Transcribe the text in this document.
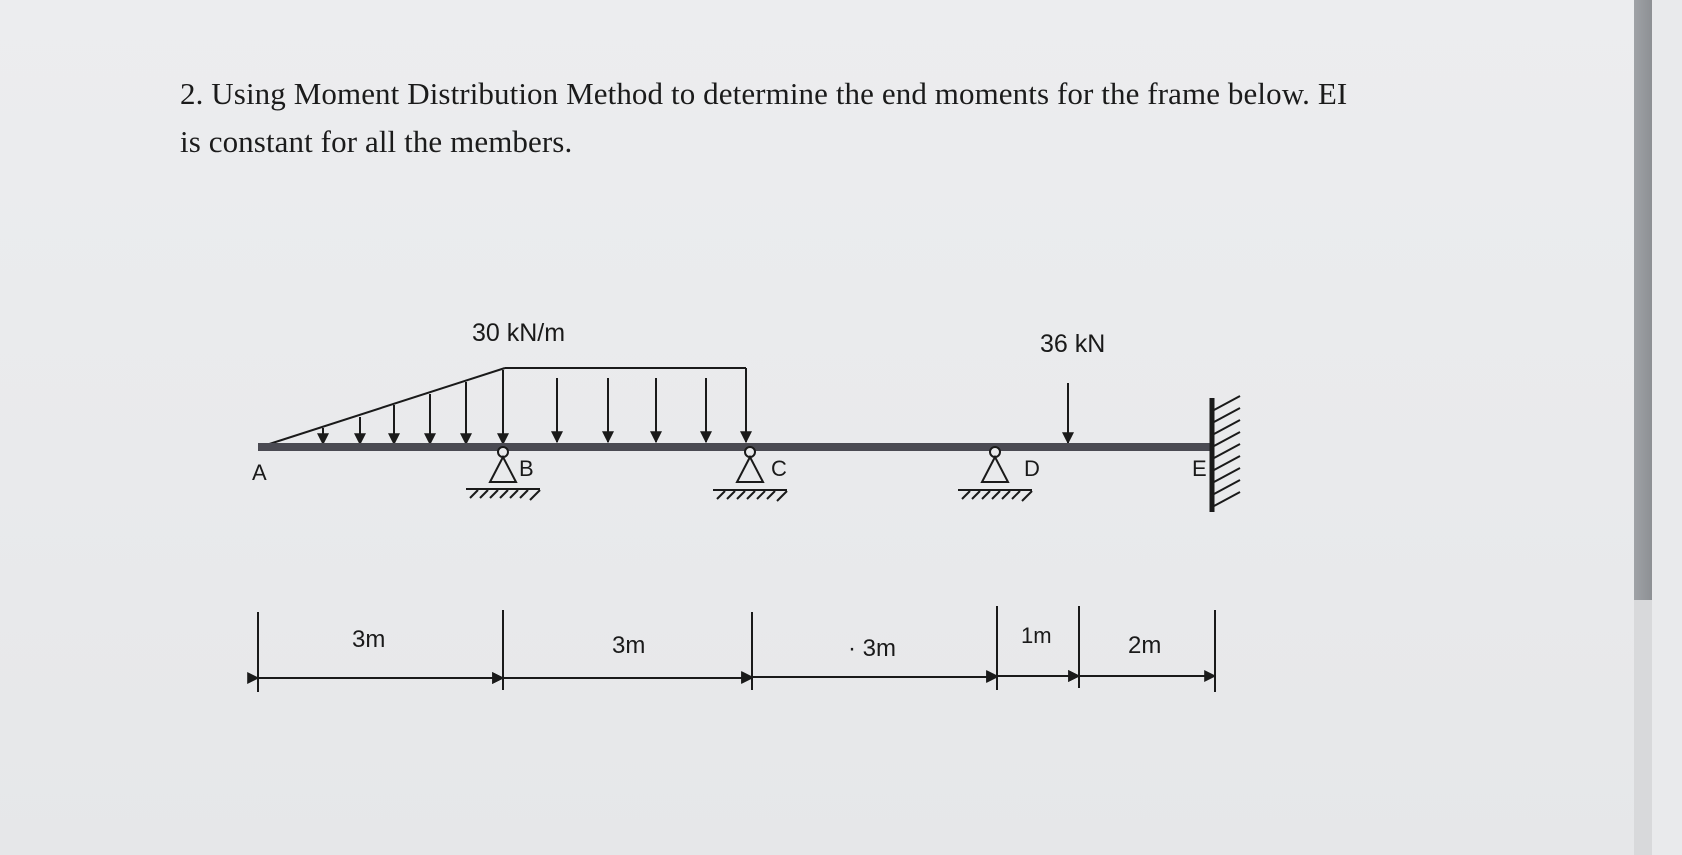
2. Using Moment Distribution Method to determine the end moments for the frame below. EI
is constant for all the members.
30 kN/m	36 kN
A	B	C	D	E
3m	3m	· 3m	1m	2m
